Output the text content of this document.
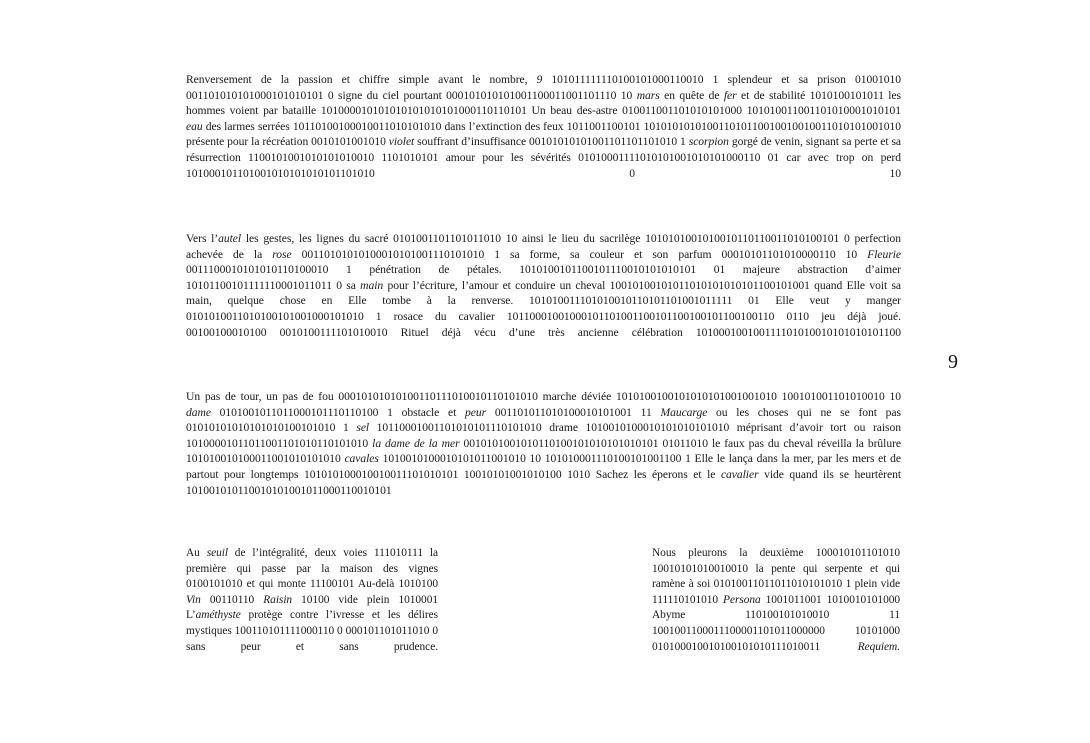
Renversement de la passion et chiffre simple avant le nombre, 9 101011111110100101000110010 1 splendeur et sa prison 01001010 001101010101000101010101 0 signe du ciel pourtant 000101010101001100011001101110 10 mars en quête de fer et de stabilité 1010100101011 les hommes voient par bataille 101000010101010101010101000110110101 Un beau des-astre 010011001101010101000 101010011001101010001010101 eau des larmes serrées 10110100100010011010101010 dans l’extinction des feux 1011001100101 101010101010011010110010010010011010101001010 présente pour la récréation 0010101001010 violet souffrant d’insuffisance 00101010101001101101101010 1 scorpion gorgé de venin, signant sa perte et sa résurrection 1100101001010101010010 1101010101 amour pour les sévérités 01010001111010101001010101000110 01 car avec trop on perd 101000101101001010101010101101010 0 10

Vers l’autel les gestes, les lignes du sacré 0101001101101011010 10 ainsi le lieu du sacrilège 1010101001010010110110011010100101 0 perfection achevée de la rose 00110101010100010101001110101010 1 sa forme, sa couleur et son parfum 00010101101010000110 10 Fleurie 0011100010101010110100010 1 pénétration de pétales. 1010100101100101110010101010101 01 majeure abstraction d’aimer 10101100101111110001011011 0 sa main pour l’écriture, l’amour et conduire un cheval 10010100101011010101010101100101001 quand Elle voit sa main, quelque chose en Elle tombe à la renverse. 101010011101010010110101101001011111 01 Elle veut y manger 0101010011010100101001000101010 1 rosace du cavalier 10110001001000101101001100101100100101100100110 0110 jeu déjà joué. 00100100010100 0010100111101010010 Rituel déjà vécu d’une très ancienne célébration 101000100100111101010010101010101100

Un pas de tour, un pas de fou 00010101010100110111010010110101010 marche déviée 1010100100101010101001001010 100101001101010010 10 dame 0101001011011000101110110100 1 obstacle et peur 001101011010100010101001 11 Maucarge ou les choses qui ne se font pas 01010101010101010100101010 1 sel 10110001001101010101110101010 drame 1010010100010101010101010 méprisant d’avoir tort ou raison 10100001011011001101010110101010 la dame de la mer 0010101001010110100101010101010101 01011010 le faux pas du cheval réveilla la brûlure 101010010100011001010101010 cavales 1010010100010101011001010 10 101010001110100101001100 1 Elle le lança dans la mer, par les mers et de partout pour longtemps 101010100010010011101010101 10010101001010100 1010 Sachez les éperons et le cavalier vide quand ils se heurtèrent 101001010110010101001011000110010101

Au seuil de l’intégralité, deux voies 111010111 la première qui passe par la maison des vignes 0100101010 et qui monte 11100101 Au-delà 1010100 Vin 00110110 Raisin 10100 vide plein 1010001 L’améthyste protège contre l’ivresse et les délires mystiques 100110101111000110 0 000101101011010 0 sans peur et sans prudence.

Nous pleurons la deuxième 100010101101010 10010101010010010 la pente qui serpente et qui ramène à soi 01010011011011010101010 1 plein vide 111110101010 Persona 1001011001 1010010101000 Abyme 110100101010010 11 1001001100011100001101011000000 10101000 010100010010100101010111010011 Requiem.

9
